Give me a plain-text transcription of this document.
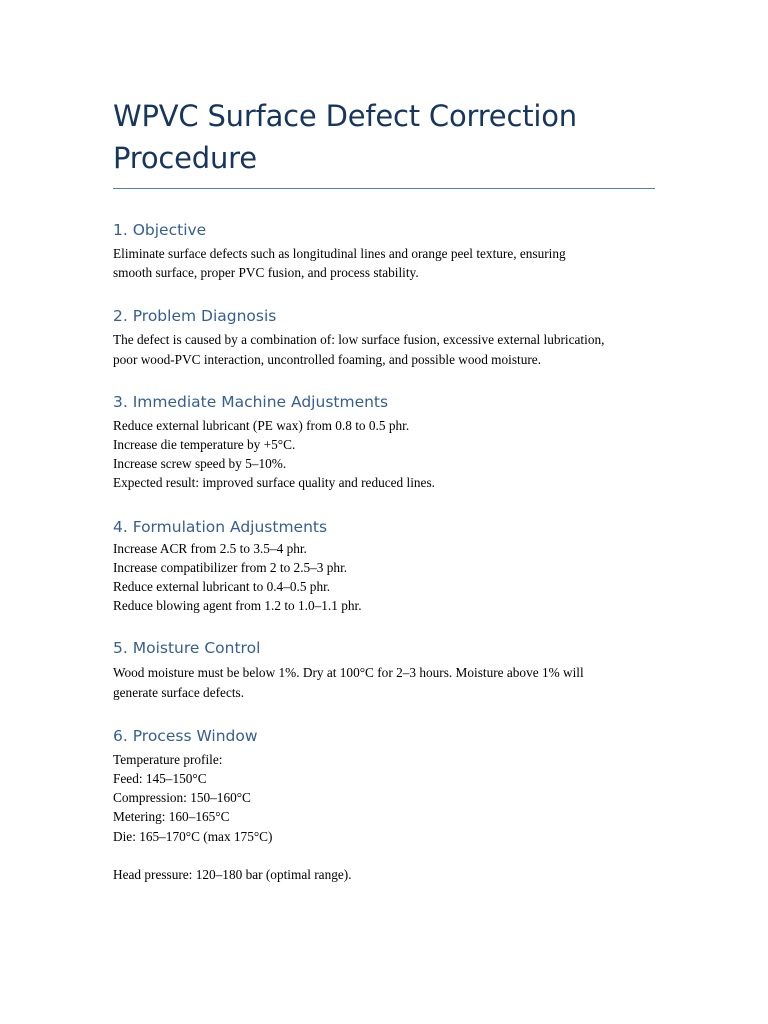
WPVC Surface Defect Correction
Procedure
1. Objective
Eliminate surface defects such as longitudinal lines and orange peel texture, ensuring
smooth surface, proper PVC fusion, and process stability.
2. Problem Diagnosis
The defect is caused by a combination of: low surface fusion, excessive external lubrication,
poor wood-PVC interaction, uncontrolled foaming, and possible wood moisture.
3. Immediate Machine Adjustments
Reduce external lubricant (PE wax) from 0.8 to 0.5 phr.
Increase die temperature by +5°C.
Increase screw speed by 5–10%.
Expected result: improved surface quality and reduced lines.
4. Formulation Adjustments
Increase ACR from 2.5 to 3.5–4 phr.
Increase compatibilizer from 2 to 2.5–3 phr.
Reduce external lubricant to 0.4–0.5 phr.
Reduce blowing agent from 1.2 to 1.0–1.1 phr.
5. Moisture Control
Wood moisture must be below 1%. Dry at 100°C for 2–3 hours. Moisture above 1% will
generate surface defects.
6. Process Window
Temperature profile:
Feed: 145–150°C
Compression: 150–160°C
Metering: 160–165°C
Die: 165–170°C (max 175°C)
Head pressure: 120–180 bar (optimal range).
